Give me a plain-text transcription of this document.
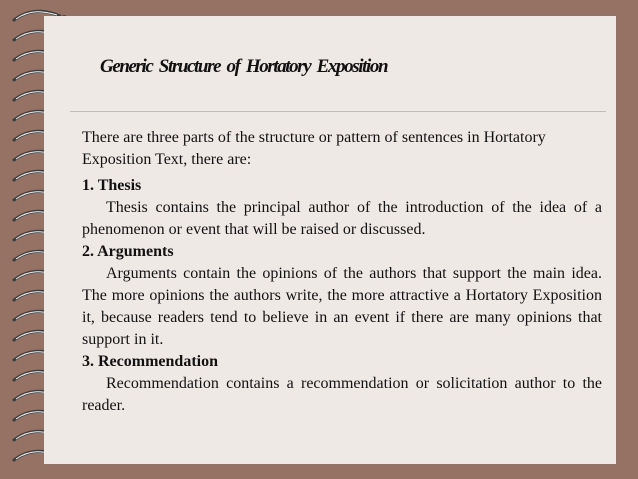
Generic Structure of Hortatory Exposition

There are three parts of the structure or pattern of sentences in Hortatory Exposition Text, there are:

1. Thesis

Thesis contains the principal author of the introduction of the idea of a phenomenon or event that will be raised or discussed.

2. Arguments

Arguments contain the opinions of the authors that support the main idea. The more opinions the authors write, the more attractive a Hortatory Exposition it, because readers tend to believe in an event if there are many opinions that support in it.

3. Recommendation

Recommendation contains a recommendation or solicitation author to the reader.
